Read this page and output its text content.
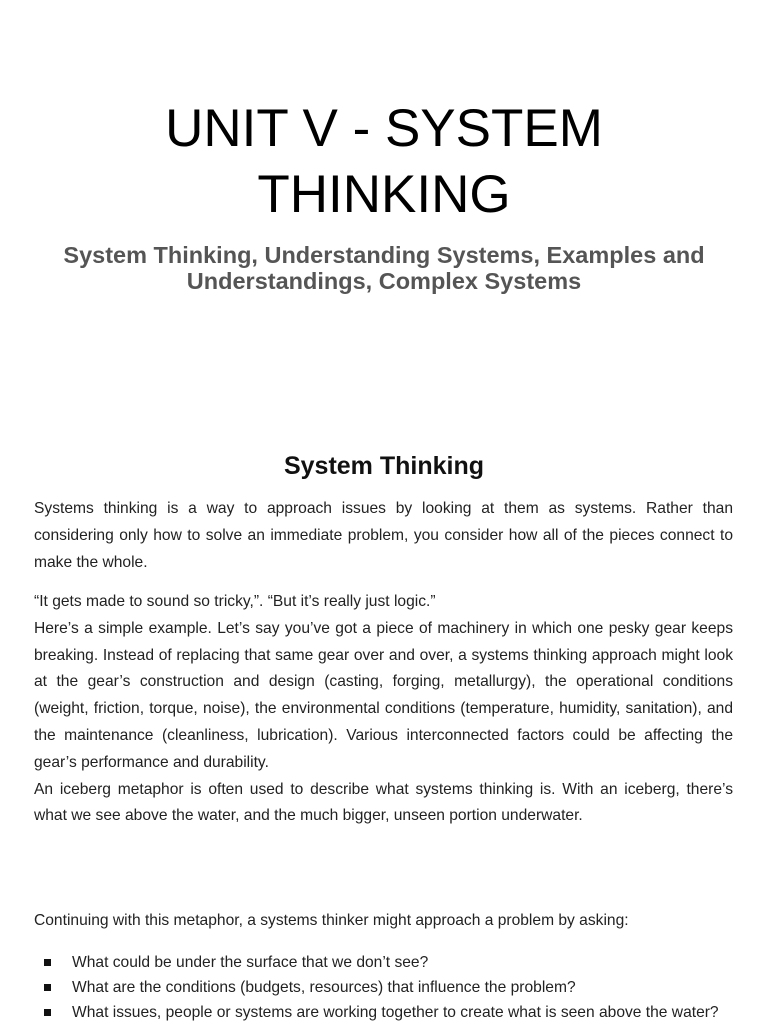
UNIT V - SYSTEM THINKING
System Thinking, Understanding Systems, Examples and Understandings, Complex Systems
System Thinking

Systems thinking is a way to approach issues by looking at them as systems. Rather than considering only how to solve an immediate problem, you consider how all of the pieces connect to make the whole.

“It gets made to sound so tricky,”. “But it’s really just logic.”

Here’s a simple example. Let’s say you’ve got a piece of machinery in which one pesky gear keeps breaking. Instead of replacing that same gear over and over, a systems thinking approach might look at the gear’s construction and design (casting, forging, metallurgy), the operational conditions (weight, friction, torque, noise), the environmental conditions (temperature, humidity, sanitation), and the maintenance (cleanliness, lubrication). Various interconnected factors could be affecting the gear’s performance and durability.

An iceberg metaphor is often used to describe what systems thinking is. With an iceberg, there’s what we see above the water, and the much bigger, unseen portion underwater.

Continuing with this metaphor, a systems thinker might approach a problem by asking:

What could be under the surface that we don’t see?
What are the conditions (budgets, resources) that influence the problem?
What issues, people or systems are working together to create what is seen above the water?
